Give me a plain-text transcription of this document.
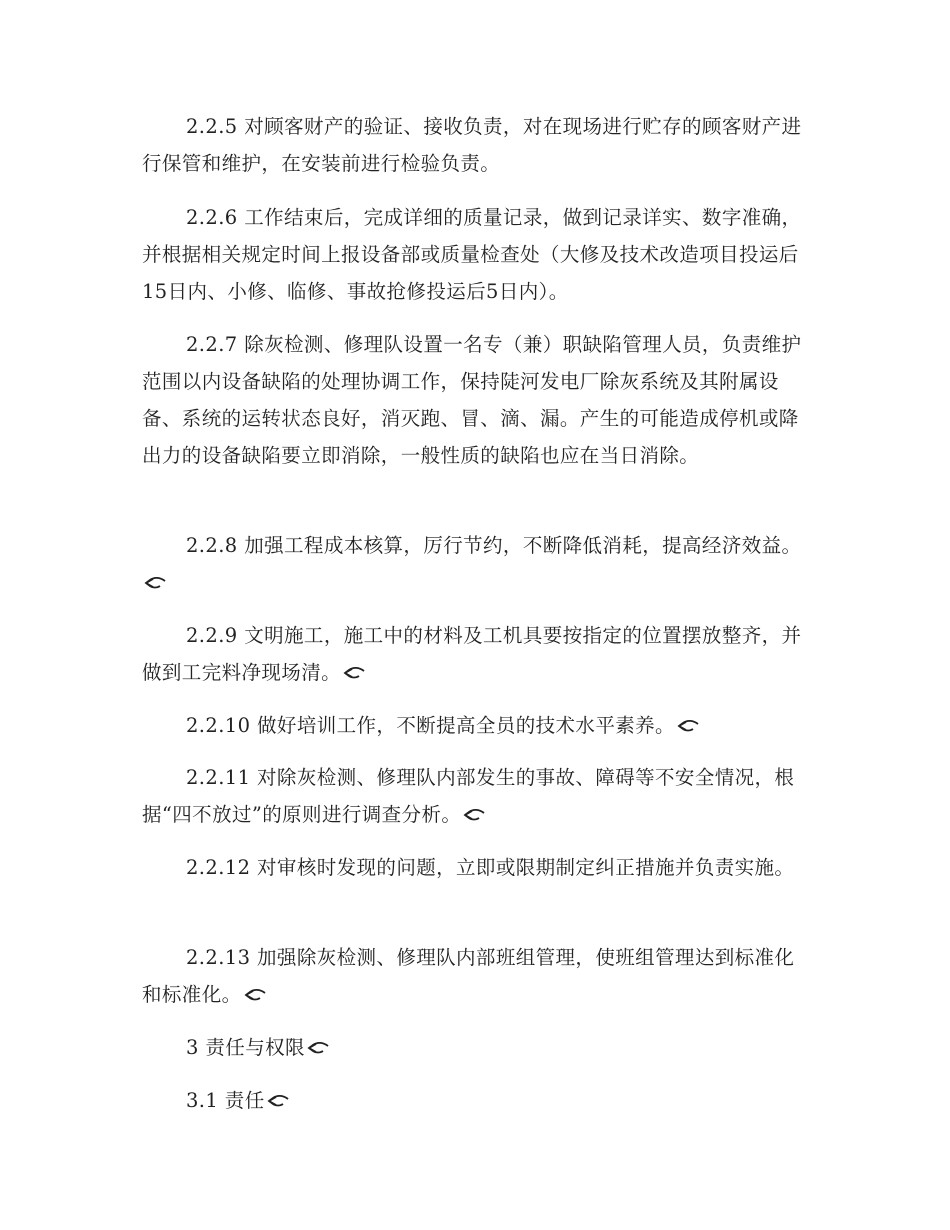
2.2.5 对顾客财产的验证、接收负责，对在现场进行贮存的顾客财产进行保管和维护，在安装前进行检验负责。

2.2.6 工作结束后，完成详细的质量记录，做到记录详实、数字准确，并根据相关规定时间上报设备部或质量检查处（大修及技术改造项目投运后15日内、小修、临修、事故抢修投运后5日内）。

2.2.7 除灰检测、修理队设置一名专（兼）职缺陷管理人员，负责维护范围以内设备缺陷的处理协调工作，保持陡河发电厂除灰系统及其附属设备、系统的运转状态良好，消灭跑、冒、滴、漏。产生的可能造成停机或降出力的设备缺陷要立即消除，一般性质的缺陷也应在当日消除。

2.2.8 加强工程成本核算，厉行节约，不断降低消耗，提高经济效益。

2.2.9 文明施工，施工中的材料及工机具要按指定的位置摆放整齐，并做到工完料净现场清。

2.2.10 做好培训工作，不断提高全员的技术水平素养。

2.2.11 对除灰检测、修理队内部发生的事故、障碍等不安全情况，根据“四不放过”的原则进行调查分析。

2.2.12 对审核时发现的问题，立即或限期制定纠正措施并负责实施。

2.2.13 加强除灰检测、修理队内部班组管理，使班组管理达到标准化和标准化。

3 责任与权限

3.1 责任
